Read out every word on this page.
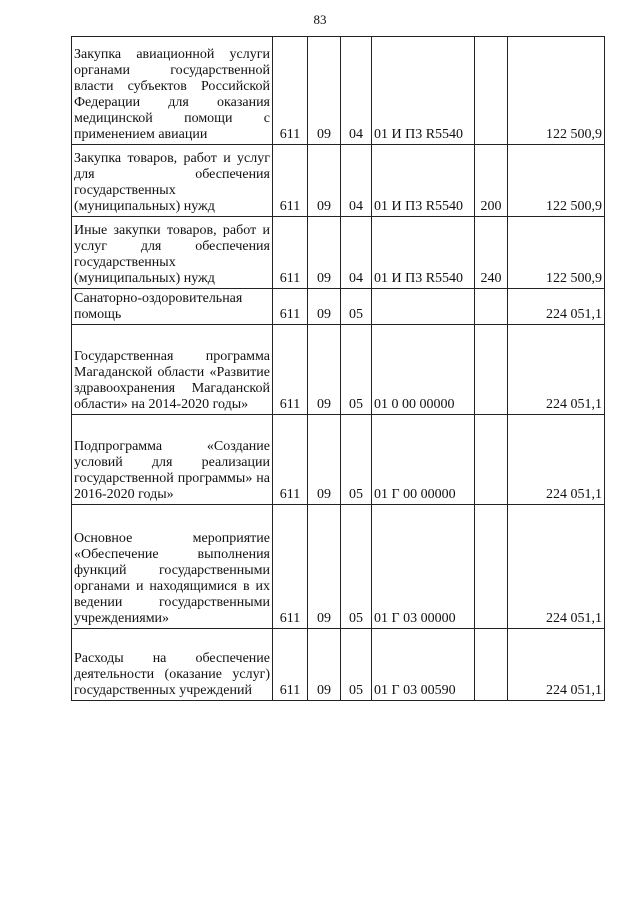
83
Закупка авиационной услуги органами государственной власти субъектов Российской Федерации для оказания медицинской помощи с применением авиации	611	09	04	01 И П3 R5540		122 500,9
Закупка товаров, работ и услуг для обеспечения государственных (муниципальных) нужд	611	09	04	01 И П3 R5540	200	122 500,9
Иные закупки товаров, работ и услуг для обеспечения государственных (муниципальных) нужд	611	09	04	01 И П3 R5540	240	122 500,9
Санаторно-оздоровительная помощь	611	09	05			224 051,1
Государственная программа Магаданской области «Развитие здравоохранения Магаданской области» на 2014-2020 годы»	611	09	05	01 0 00 00000		224 051,1
Подпрограмма «Создание условий для реализации государственной программы» на 2016-2020 годы»	611	09	05	01 Г 00 00000		224 051,1
Основное мероприятие «Обеспечение выполнения функций государственными органами и находящимися в их ведении государственными учреждениями»	611	09	05	01 Г 03 00000		224 051,1
Расходы на обеспечение деятельности (оказание услуг) государственных учреждений	611	09	05	01 Г 03 00590		224 051,1
